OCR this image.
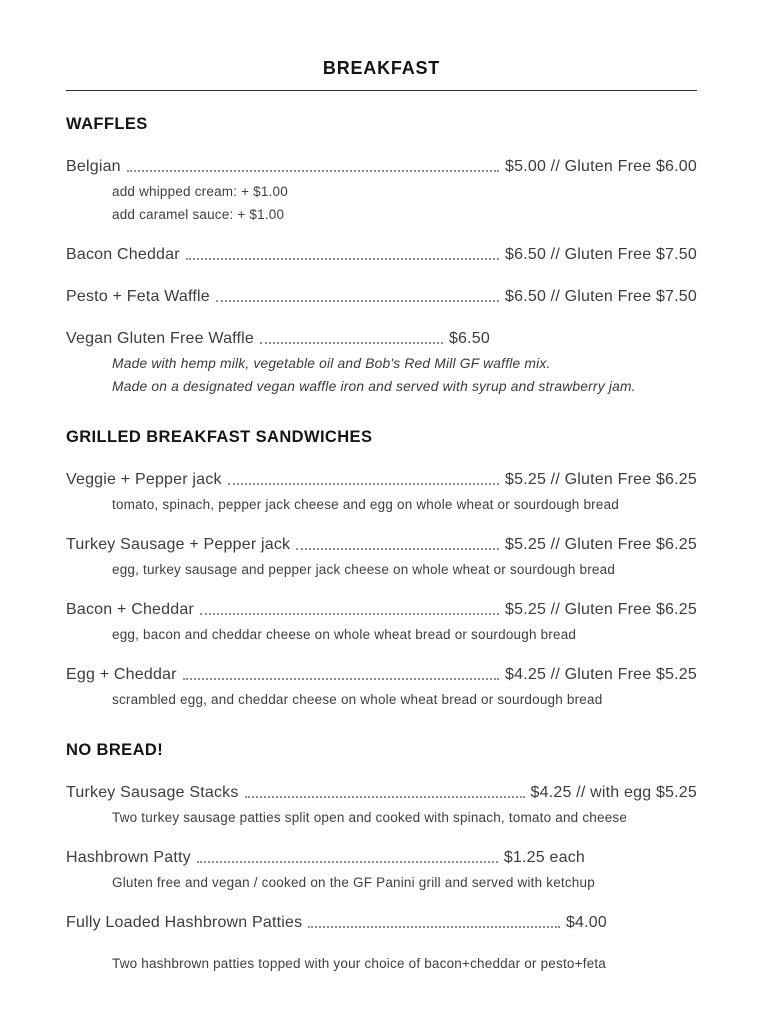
BREAKFAST
WAFFLES
Belgian	$5.00 // Gluten Free $6.00
add whipped cream: + $1.00
add caramel sauce: + $1.00
Bacon Cheddar	$6.50 // Gluten Free $7.50
Pesto + Feta Waffle	$6.50 // Gluten Free $7.50
Vegan Gluten Free Waffle	$6.50
Made with hemp milk, vegetable oil and Bob's Red Mill GF waffle mix.
Made on a designated vegan waffle iron and served with syrup and strawberry jam.
GRILLED BREAKFAST SANDWICHES
Veggie + Pepper jack	$5.25 // Gluten Free $6.25
tomato, spinach, pepper jack cheese and egg on whole wheat or sourdough bread
Turkey Sausage + Pepper jack	$5.25 // Gluten Free $6.25
egg, turkey sausage and pepper jack cheese on whole wheat or sourdough bread
Bacon + Cheddar	$5.25 // Gluten Free $6.25
egg, bacon and cheddar cheese on whole wheat bread or sourdough bread
Egg + Cheddar	$4.25 // Gluten Free $5.25
scrambled egg, and cheddar cheese on whole wheat bread or sourdough bread
NO BREAD!
Turkey Sausage Stacks	$4.25 // with egg $5.25
Two turkey sausage patties split open and cooked with spinach, tomato and cheese
Hashbrown Patty	$1.25 each
Gluten free and vegan / cooked on the GF Panini grill and served with ketchup
Fully Loaded Hashbrown Patties	$4.00
Two hashbrown patties topped with your choice of bacon+cheddar or pesto+feta
